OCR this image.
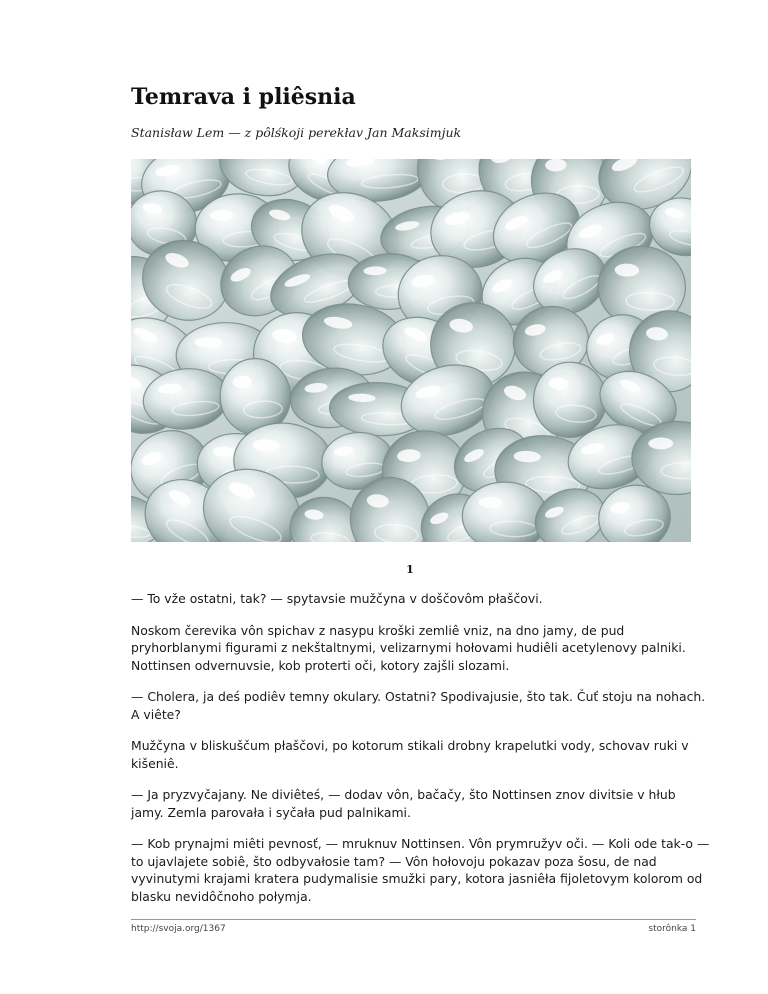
Temrava i pliêsnia
Stanisław Lem — z pôlśkoji perekłav Jan Maksimjuk
1

— To vže ostatni, tak? — spytavsie mužčyna v doščovôm płaščovi.

Noskom čerevika vôn spichav z nasypu kroški zemliê vniz, na dno jamy, de pud pryhorblanymi figurami z nekštaltnymi, velizarnymi hołovami hudiêli acetylenovy palniki. Nottinsen odvernuvsie, kob proterti oči, kotory zajšli slozami.

— Cholera, ja deś podiêv temny okulary. Ostatni? Spodivajusie, što tak. Čuť stoju na nohach. A viête?

Mužčyna v bliskuščum płaščovi, po kotorum stikali drobny krapelutki vody, schovav ruki v kišeniê.

— Ja pryzvyčajany. Ne diviêteś, — dodav vôn, bačačy, što Nottinsen znov divitsie v hłub jamy. Zemla parovała i syčała pud palnikami.

— Kob prynajmi miêti pevnosť, — mruknuv Nottinsen. Vôn prymružyv oči. — Koli ode tak-o — to ujavlajete sobiê, što odbyvałosie tam? — Vôn hołovoju pokazav poza šosu, de nad vyvinutymi krajami kratera pudymalisie smužki pary, kotora jasniêła fijoletovym kolorom od blasku nevidôčnoho połymja.

http://svoja.org/1367	storônka 1
